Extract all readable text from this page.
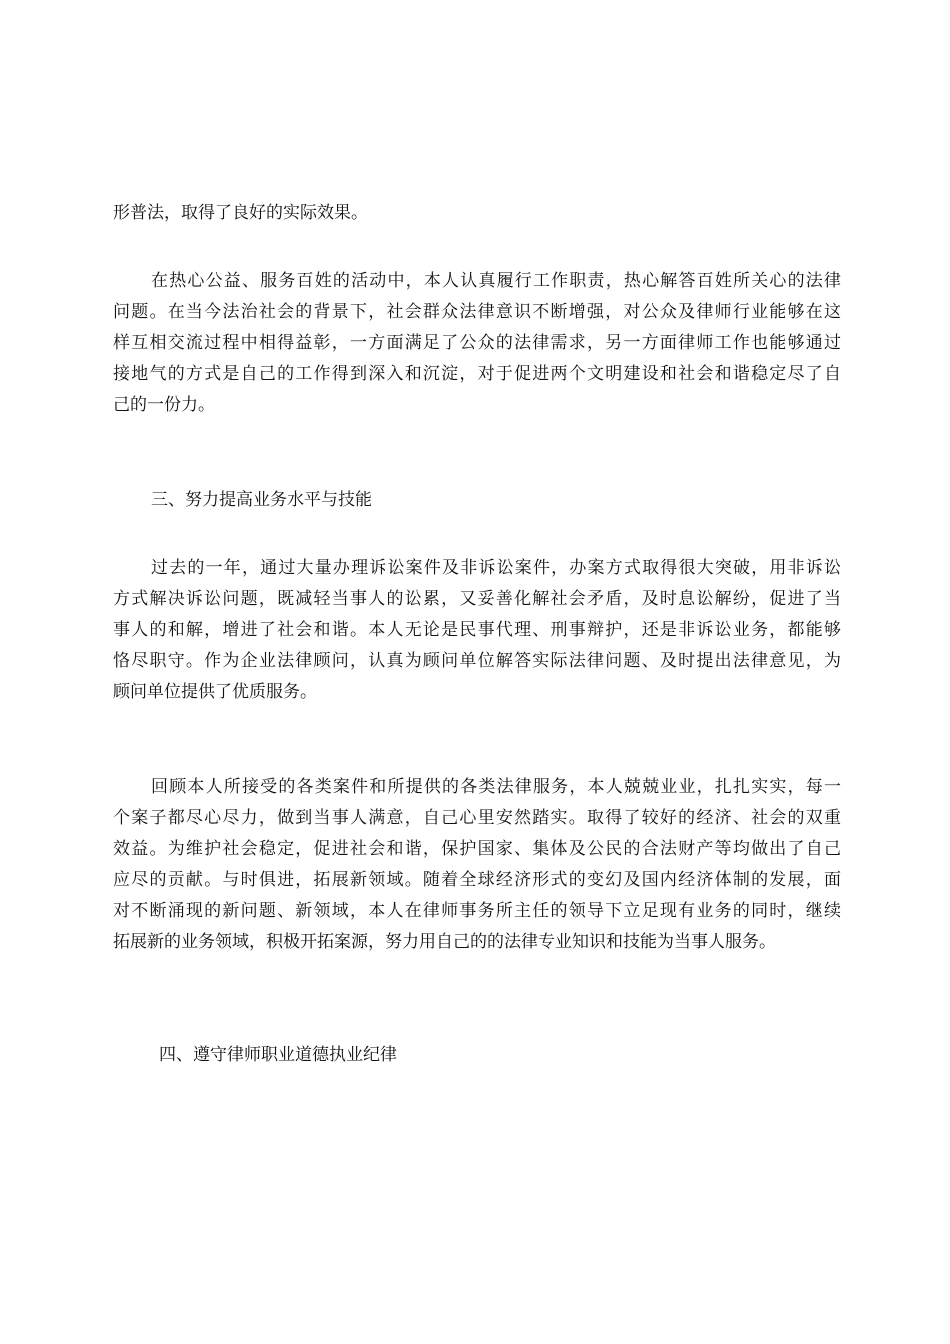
形普法，取得了良好的实际效果。
在热心公益、服务百姓的活动中，本人认真履行工作职责，热心解答百姓所关心的法律
问题。在当今法治社会的背景下，社会群众法律意识不断增强，对公众及律师行业能够在这
样互相交流过程中相得益彰，一方面满足了公众的法律需求，另一方面律师工作也能够通过
接地气的方式是自己的工作得到深入和沉淀，对于促进两个文明建设和社会和谐稳定尽了自
己的一份力。
三、努力提高业务水平与技能
过去的一年，通过大量办理诉讼案件及非诉讼案件，办案方式取得很大突破，用非诉讼
方式解决诉讼问题，既减轻当事人的讼累，又妥善化解社会矛盾，及时息讼解纷，促进了当
事人的和解，增进了社会和谐。本人无论是民事代理、刑事辩护，还是非诉讼业务，都能够
恪尽职守。作为企业法律顾问，认真为顾问单位解答实际法律问题、及时提出法律意见，为
顾问单位提供了优质服务。
回顾本人所接受的各类案件和所提供的各类法律服务，本人兢兢业业，扎扎实实，每一
个案子都尽心尽力，做到当事人满意，自己心里安然踏实。取得了较好的经济、社会的双重
效益。为维护社会稳定，促进社会和谐，保护国家、集体及公民的合法财产等均做出了自己
应尽的贡献。与时俱进，拓展新领域。随着全球经济形式的变幻及国内经济体制的发展，面
对不断涌现的新问题、新领域，本人在律师事务所主任的领导下立足现有业务的同时，继续
拓展新的业务领域，积极开拓案源，努力用自己的的法律专业知识和技能为当事人服务。
四、遵守律师职业道德执业纪律
